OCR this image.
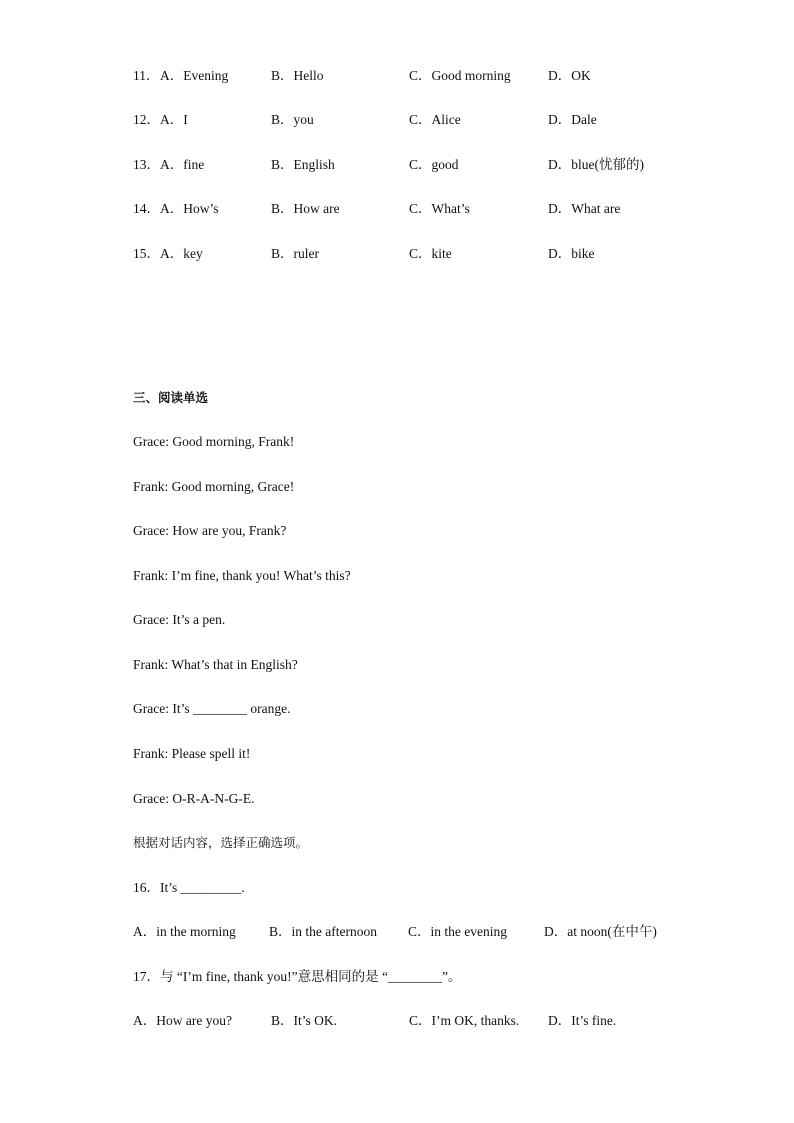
11． A．Evening	B．Hello	C．Good morning	D．OK
12． A．I	B．you	C．Alice	D．Dale
13． A．fine	B．English	C．good	D．blue(忧郁的)
14． A．How’s	B．How are	C．What’s	D．What are
15． A．key	B．ruler	C．kite	D．bike
三、阅读单选
Grace: Good morning, Frank!
Frank: Good morning, Grace!
Grace: How are you, Frank?
Frank: I’m fine, thank you! What’s this?
Grace: It’s a pen.
Frank: What’s that in English?
Grace: It’s ________ orange.
Frank: Please spell it!
Grace: O-R-A-N-G-E.
根据对话内容，选择正确选项。
16．It’s _________.
A．in the morning B．in the afternoon C．in the evening	D．at noon(在中午)
17．与 “I’m fine, thank you!”意思相同的是 “________”。
A．How are you?	B．It’s OK.	C．I’m OK, thanks. D．It’s fine.
